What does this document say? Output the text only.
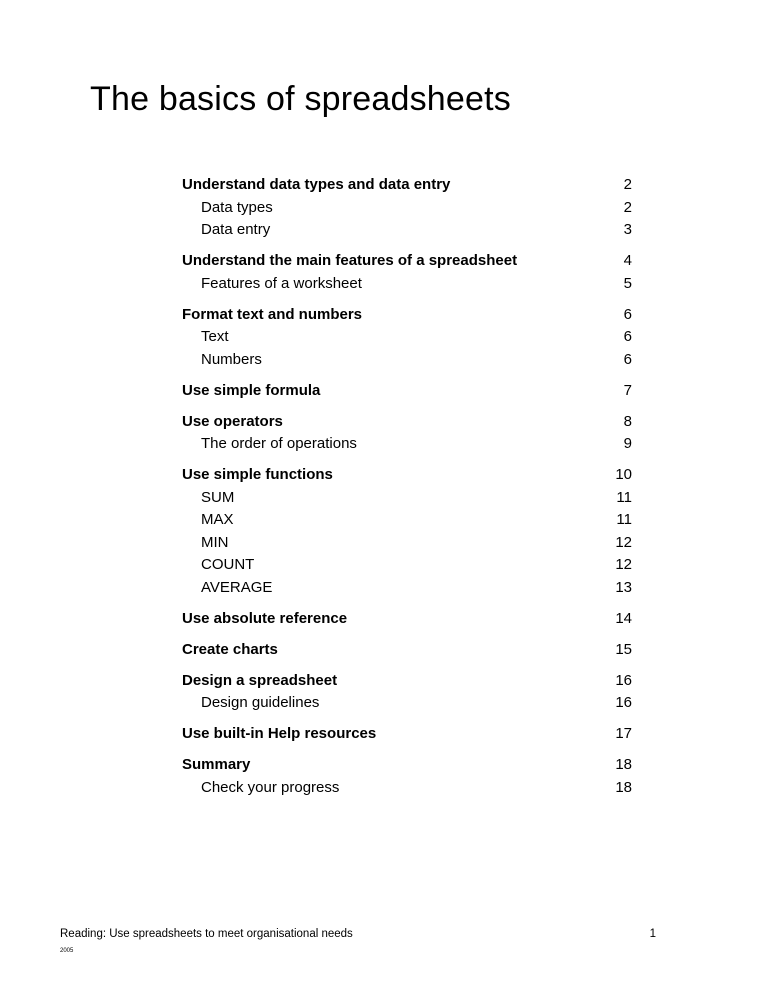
The basics of spreadsheets
Understand data types and data entry	2
Data types	2
Data entry	3
Understand the main features of a spreadsheet	4
Features of a worksheet	5
Format text and numbers	6
Text	6
Numbers	6
Use simple formula	7
Use operators	8
The order of operations	9
Use simple functions	10
SUM	11
MAX	11
MIN	12
COUNT	12
AVERAGE	13
Use absolute reference	14
Create charts	15
Design a spreadsheet	16
Design guidelines	16
Use built-in Help resources	17
Summary	18
Check your progress	18
Reading: Use spreadsheets to meet organisational needs
2005
1
